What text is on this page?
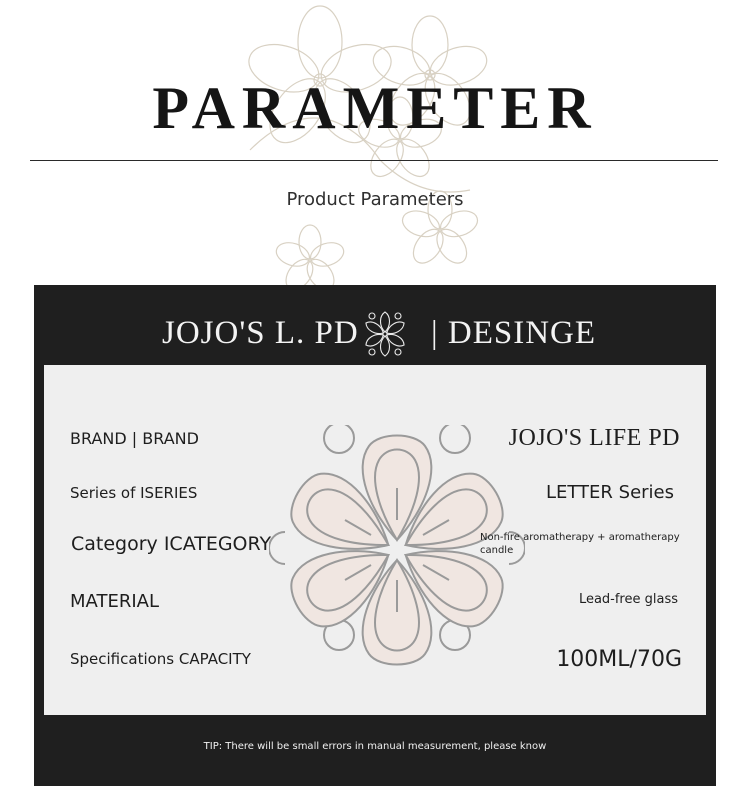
PARAMETER
Product Parameters
JOJO'S L. PD | DESINGE
BRAND | BRAND	JOJO'S LIFE PD
Series of ISERIES	LETTER Series
Category ICATEGORY	Non-fire aromatherapy + aromatherapy candle
MATERIAL	Lead-free glass
Specifications CAPACITY	100ML/70G
TIP: There will be small errors in manual measurement, please know
